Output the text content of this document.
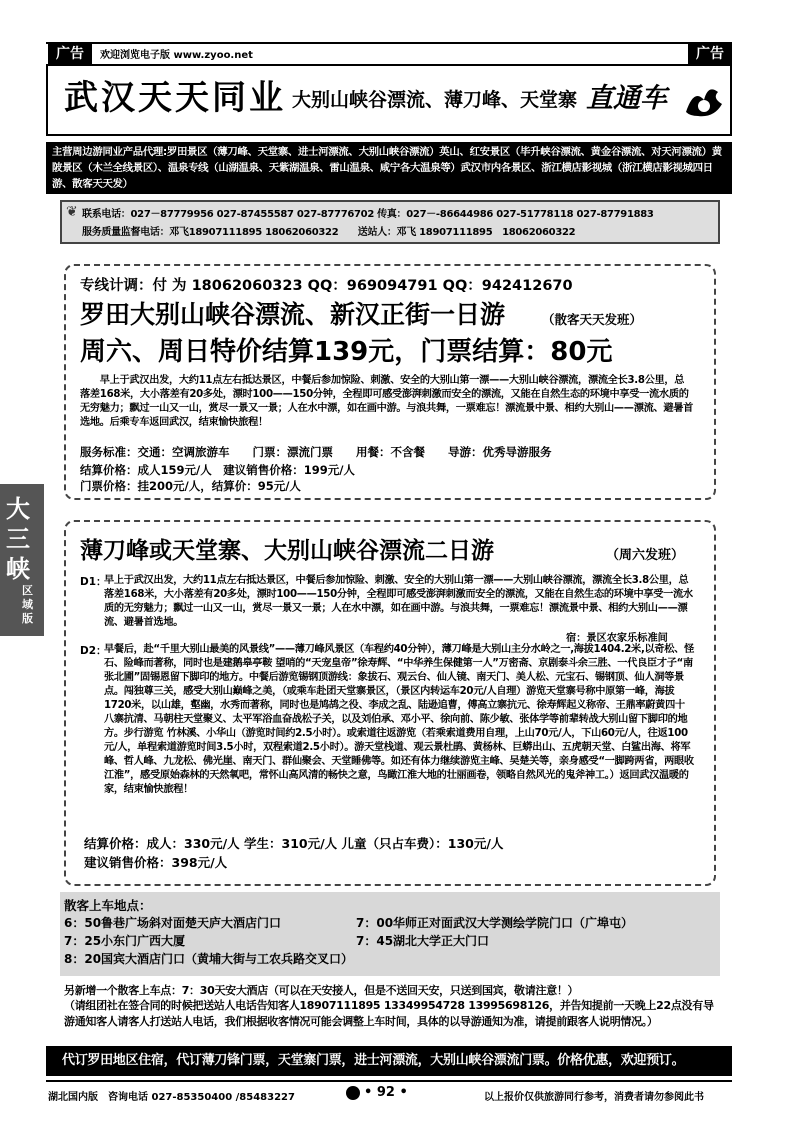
广告	欢迎浏览电子版 www.zyoo.net	广告
武汉天天同业 大别山峡谷漂流、薄刀峰、天堂寨 直通车

主营周边游同业产品代理:罗田景区（薄刀峰、天堂寨、进士河漂流、大别山峡谷漂流）英山、红安景区（毕升峡谷漂流、黄金谷漂流、对天河漂流）黄陂景区（木兰全线景区）、温泉专线（山湖温泉、天紫湖温泉、雷山温泉、咸宁各大温泉等）武汉市内各景区、浙江横店影视城（浙江横店影视城四日游、散客天天发）

❦ 联系电话：027－87779956 027-87455587 027-87776702 传真：027－-86644986 027-51778118 027-87791883
服务质量监督电话：邓飞18907111895 18062060322　　送站人：邓飞 18907111895　18062060322
专线计调：付 为 18062060323 QQ：969094791 QQ：942412670
罗田大别山峡谷漂流、新汉正街一日游	（散客天天发班）
周六、周日特价结算139元，门票结算：80元

　　早上于武汉出发，大约11点左右抵达景区，中餐后参加惊险、刺激、安全的大别山第一漂——大别山峡谷漂流，漂流全长3.8公里，总落差168米，大小落差有20多处，漂时100——150分钟，全程即可感受澎湃刺激而安全的漂流，又能在自然生态的环境中享受一流水质的无穷魅力；飘过一山又一山，赏尽一景又一景；人在水中漂，如在画中游。与浪共舞，一票难忘！漂流景中景、相约大别山——漂流、避暑首选地。后乘专车返回武汉，结束愉快旅程！

服务标准：交通：空调旅游车　　门票：漂流门票　　用餐：不含餐　　导游：优秀导游服务
结算价格：成人159元/人　建议销售价格：199元/人
门票价格：挂200元/人，结算价：95元/人
大三峡
区域版
薄刀峰或天堂寨、大别山峡谷漂流二日游	（周六发班）
D1：

早上于武汉出发，大约11点左右抵达景区，中餐后参加惊险、刺激、安全的大别山第一漂——大别山峡谷漂流，漂流全长3.8公里，总落差168米，大小落差有20多处，漂时100——150分钟，全程即可感受澎湃刺激而安全的漂流，又能在自然生态的环境中享受一流水质的无穷魅力；飘过一山又一山，赏尽一景又一景；人在水中漂，如在画中游。与浪共舞，一票难忘！漂流景中景、相约大别山——漂流、避暑首选地。

宿：景区农家乐标准间
D2：

早餐后，赴“千里大别山最美的风景线”——薄刀峰风景区（车程约40分钟），薄刀峰是大别山主分水岭之一,海拔1404.2米,以奇松、怪石、险峰而著称，同时也是建鹅皋亭鞍 望哨的“天宠皇帝”徐寿辉、“中华养生保健第一人”万密斋、京剧泰斗余三胜、一代良臣才子“南张北圃”固锡恩留下脚印的地方。中餐后游览锡钢顶游线：象拔石、观云台、仙人镜、南天门、美人松、元宝石、锡钢顶、仙人洞等景点。闯独尊三关，感受大别山巅峰之美，（或乘车赴团天堂寨景区，（景区内转运车20元/人自理）游览天堂寨号称中原第一峰，海拔1720米，以山雄，壑幽，水秀而著称，同时也是鸠鸪之役、李成之乱、陆逊追曹，傅高立寨抗元、徐寿辉起义称帝、王鼎率蔚黄四十八寨抗清、马朝柱天堂聚义、太平军浴血奋战松子关，以及刘伯承、邓小平、徐向前、陈少敏、张体学等前辈转战大别山留下脚印的地方。步行游览 竹林溪、小华山（游览时间约2.5小时）。或索道往返游览（若乘索道费用自理，上山70元/人，下山60元/人，往返100元/人，单程索道游览时间3.5小时，双程索道2.5小时）。游天堂栈道、观云景杜鹃、黄杨林、巨蟒出山、五虎朝天堂、白鲨出海、将军峰、哲人峰、九龙松、佛光崖、南天门、群仙聚会、天堂睡佛等。如还有体力继续游览主峰、吴楚关等，亲身感受“一脚跨两省，两眼收江淮”，感受原始森林的天然氧吧，常怀山高风清的畅快之意，鸟瞰江淮大地的壮丽画卷，领略自然风光的鬼斧神工。）返回武汉温暖的家，结束愉快旅程！

结算价格：成人：330元/人 学生：310元/人 儿童（只占车费）：130元/人
建议销售价格：398元/人
散客上车地点：
6：50鲁巷广场斜对面楚天庐大酒店门口	7：00华师正对面武汉大学测绘学院门口（广埠屯）
7：25小东门广西大厦	7：45湖北大学正大门口
8：20国宾大酒店门口（黄埔大街与工农兵路交叉口）
另新增一个散客上车点：7：30天安大酒店（可以在天安接人，但是不送回天安，只送到国宾，敬请注意！）

（请组团社在签合同的时候把送站人电话告知客人18907111895 13349954728 13995698126，并告知提前一天晚上22点没有导游通知客人请客人打送站人电话，我们根据收客情况可能会调整上车时间，具体的以导游通知为准，请提前跟客人说明情况。）

代订罗田地区住宿，代订薄刀锋门票，天堂寨门票，进士河漂流，大别山峡谷漂流门票。价格优惠，欢迎预订。
湖北国内版　咨询电话 027-85350400 /85483227	• 92 •	以上报价仅供旅游同行参考，消费者请勿参阅此书
